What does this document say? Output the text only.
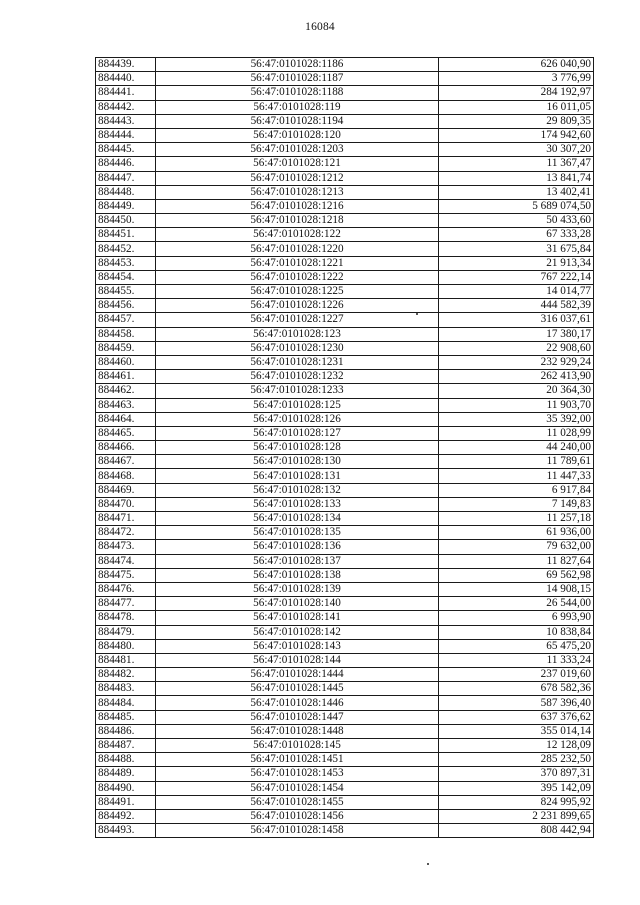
16084
884439.	56:47:0101028:1186	626 040,90
884440.	56:47:0101028:1187	3 776,99
884441.	56:47:0101028:1188	284 192,97
884442.	56:47:0101028:119	16 011,05
884443.	56:47:0101028:1194	29 809,35
884444.	56:47:0101028:120	174 942,60
884445.	56:47:0101028:1203	30 307,20
884446.	56:47:0101028:121	11 367,47
884447.	56:47:0101028:1212	13 841,74
884448.	56:47:0101028:1213	13 402,41
884449.	56:47:0101028:1216	5 689 074,50
884450.	56:47:0101028:1218	50 433,60
884451.	56:47:0101028:122	67 333,28
884452.	56:47:0101028:1220	31 675,84
884453.	56:47:0101028:1221	21 913,34
884454.	56:47:0101028:1222	767 222,14
884455.	56:47:0101028:1225	14 014,77
884456.	56:47:0101028:1226	444 582,39
884457.	56:47:0101028:1227	316 037,61
884458.	56:47:0101028:123	17 380,17
884459.	56:47:0101028:1230	22 908,60
884460.	56:47:0101028:1231	232 929,24
884461.	56:47:0101028:1232	262 413,90
884462.	56:47:0101028:1233	20 364,30
884463.	56:47:0101028:125	11 903,70
884464.	56:47:0101028:126	35 392,00
884465.	56:47:0101028:127	11 028,99
884466.	56:47:0101028:128	44 240,00
884467.	56:47:0101028:130	11 789,61
884468.	56:47:0101028:131	11 447,33
884469.	56:47:0101028:132	6 917,84
884470.	56:47:0101028:133	7 149,83
884471.	56:47:0101028:134	11 257,18
884472.	56:47:0101028:135	61 936,00
884473.	56:47:0101028:136	79 632,00
884474.	56:47:0101028:137	11 827,64
884475.	56:47:0101028:138	69 562,98
884476.	56:47:0101028:139	14 908,15
884477.	56:47:0101028:140	26 544,00
884478.	56:47:0101028:141	6 993,90
884479.	56:47:0101028:142	10 838,84
884480.	56:47:0101028:143	65 475,20
884481.	56:47:0101028:144	11 333,24
884482.	56:47:0101028:1444	237 019,60
884483.	56:47:0101028:1445	678 582,36
884484.	56:47:0101028:1446	587 396,40
884485.	56:47:0101028:1447	637 376,62
884486.	56:47:0101028:1448	355 014,14
884487.	56:47:0101028:145	12 128,09
884488.	56:47:0101028:1451	285 232,50
884489.	56:47:0101028:1453	370 897,31
884490.	56:47:0101028:1454	395 142,09
884491.	56:47:0101028:1455	824 995,92
884492.	56:47:0101028:1456	2 231 899,65
884493.	56:47:0101028:1458	808 442,94
